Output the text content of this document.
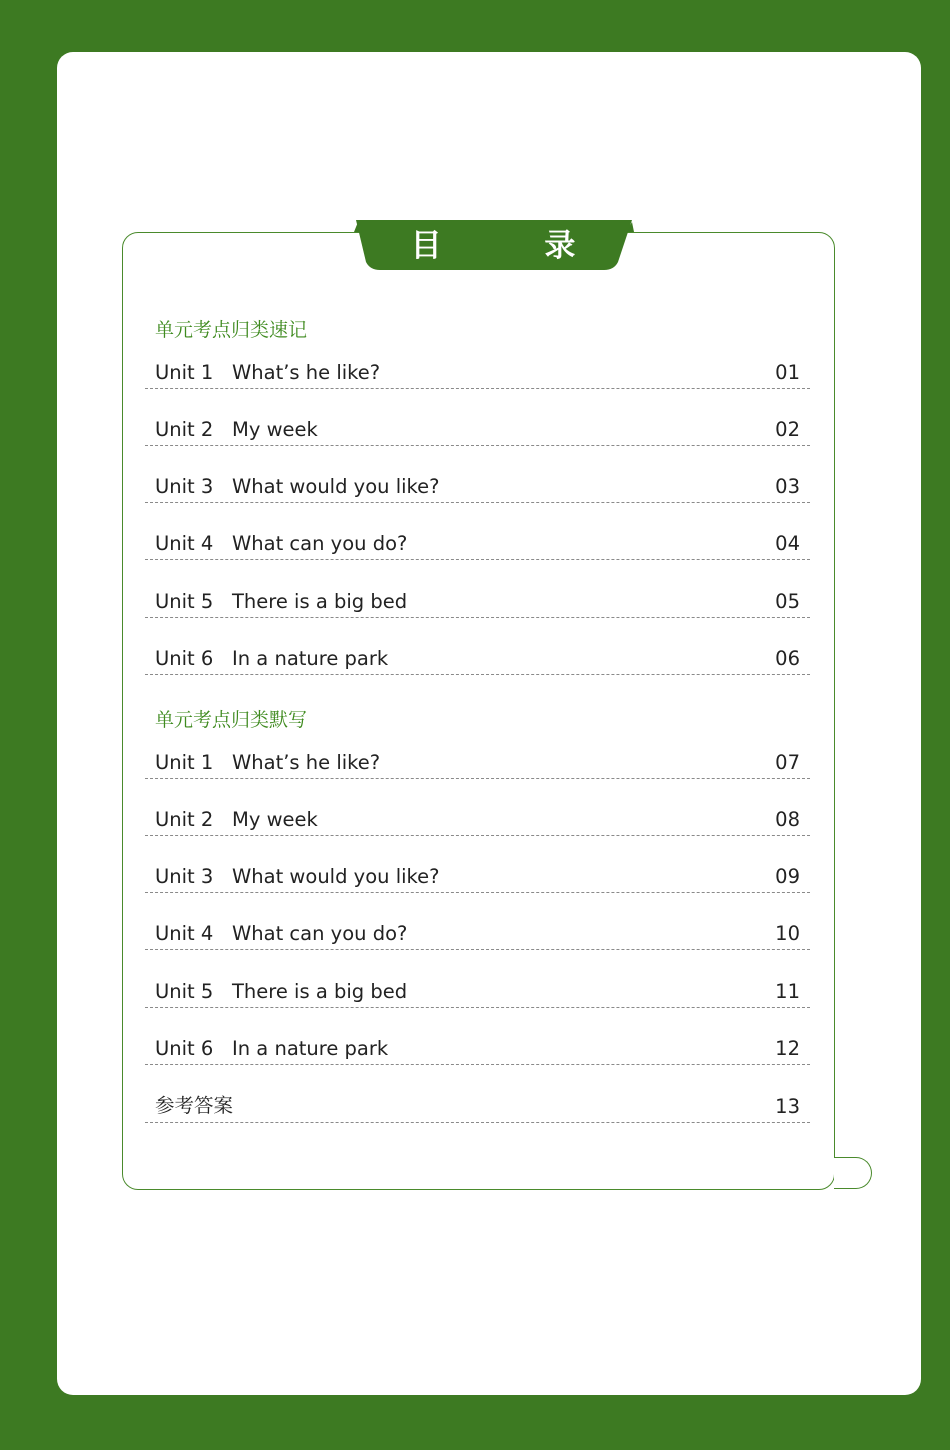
目 录
单元考点归类速记
Unit 1 What’s he like?	01
Unit 2 My week	02
Unit 3 What would you like?	03
Unit 4 What can you do?	04
Unit 5 There is a big bed	05
Unit 6 In a nature park	06
单元考点归类默写
Unit 1 What’s he like?	07
Unit 2 My week	08
Unit 3 What would you like?	09
Unit 4 What can you do?	10
Unit 5 There is a big bed	11
Unit 6 In a nature park	12
参考答案	13
